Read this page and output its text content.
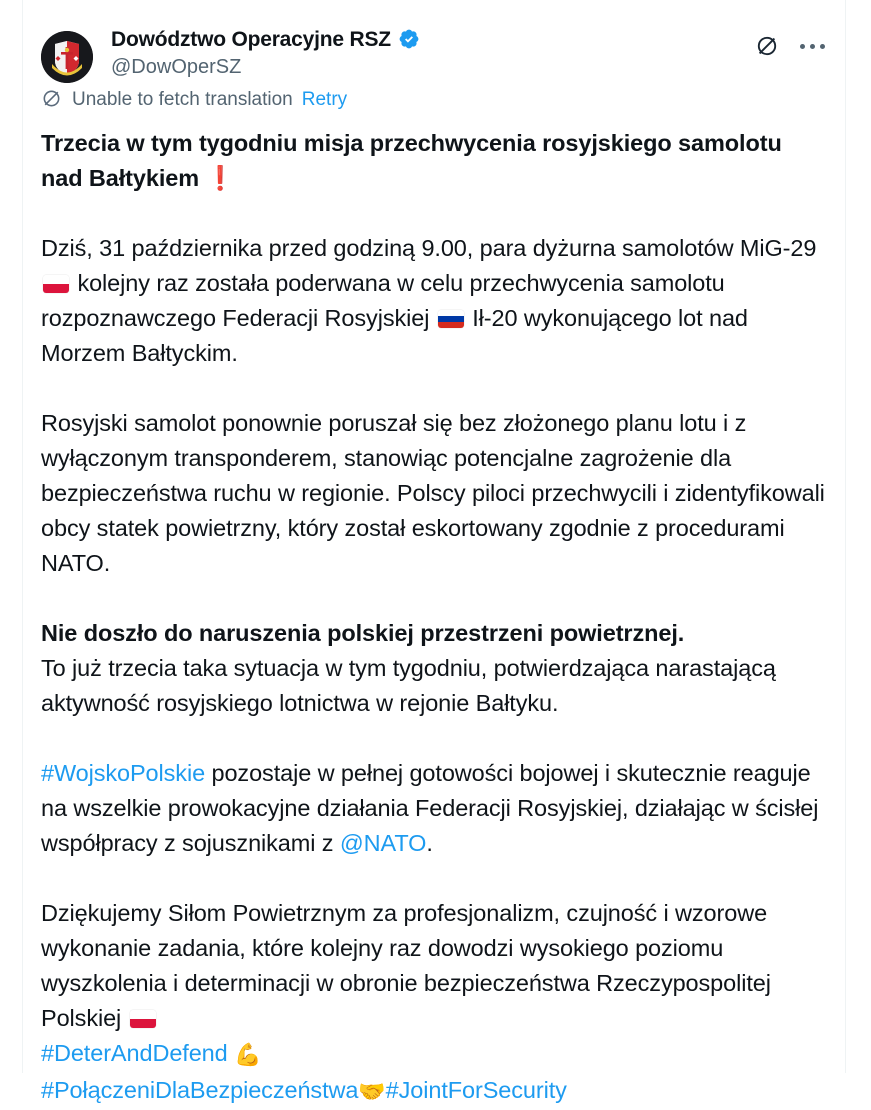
Dowództwo Operacyjne RSZ
@DowOperSZ
Unable to fetch translation Retry

Trzecia w tym tygodniu misja przechwycenia rosyjskiego samolotu
nad Bałtykiem ❗

Dziś, 31 października przed godziną 9.00, para dyżurna samolotów MiG-29  kolejny raz została poderwana w celu przechwycenia samolotu rozpoznawczego Federacji Rosyjskiej Ił-20 wykonującego lot nad Morzem Bałtyckim.

Rosyjski samolot ponownie poruszał się bez złożonego planu lotu i z wyłączonym transponderem, stanowiąc potencjalne zagrożenie dla bezpieczeństwa ruchu w regionie. Polscy piloci przechwycili i zidentyfikowali obcy statek powietrzny, który został eskortowany zgodnie z procedurami NATO.

Nie doszło do naruszenia polskiej przestrzeni powietrznej.
To już trzecia taka sytuacja w tym tygodniu, potwierdzająca narastającą aktywność rosyjskiego lotnictwa w rejonie Bałtyku.

#WojskoPolskie pozostaje w pełnej gotowości bojowej i skutecznie reaguje na wszelkie prowokacyjne działania Federacji Rosyjskiej, działając w ścisłej współpracy z sojusznikami z @NATO.

Dziękujemy Siłom Powietrznym za profesjonalizm, czujność i wzorowe wykonanie zadania, które kolejny raz dowodzi wysokiego poziomu wyszkolenia i determinacji w obronie bezpieczeństwa Rzeczypospolitej Polskiej
#DeterAndDefend 💪
#PołączeniDlaBezpieczeństwa🤝#JointForSecurity
